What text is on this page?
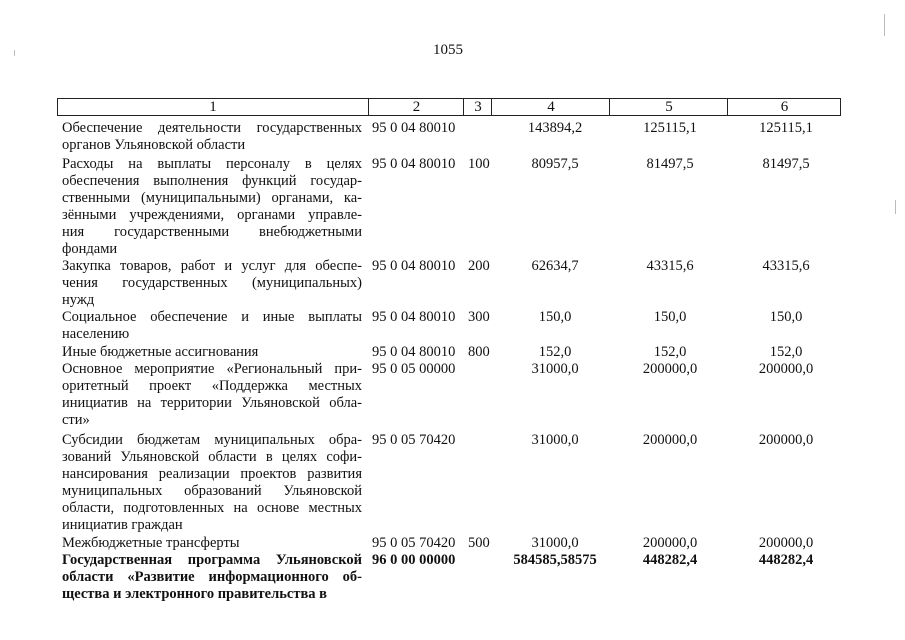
1055
1	2	3	4	5	6
Обеспечение деятельности государственных
органов Ульяновской области
95 0 04 80010	143894,2	125115,1	125115,1
Расходы на выплаты персоналу в целях
обеспечения выполнения функций государ-
ственными (муниципальными) органами, ка-
зёнными учреждениями, органами управле-
ния государственными внебюджетными
фондами
95 0 04 80010 100	80957,5	81497,5	81497,5
Закупка товаров, работ и услуг для обеспе-
чения государственных (муниципальных)
нужд
95 0 04 80010 200	62634,7	43315,6	43315,6
Социальное обеспечение и иные выплаты
населению
95 0 04 80010 300	150,0	150,0	150,0
Иные бюджетные ассигнования	95 0 04 80010 800	152,0	152,0	152,0
Основное мероприятие «Региональный при-
оритетный проект «Поддержка местных
инициатив на территории Ульяновской обла-
сти»
95 0 05 00000	31000,0	200000,0	200000,0
Субсидии бюджетам муниципальных обра-
зований Ульяновской области в целях софи-
нансирования реализации проектов развития
муниципальных образований Ульяновской
области, подготовленных на основе местных
инициатив граждан
95 0 05 70420	31000,0	200000,0	200000,0
Межбюджетные трансферты	95 0 05 70420 500	31000,0	200000,0	200000,0
Государственная программа Ульяновской
области «Развитие информационного об-
щества и электронного правительства в
96 0 00 00000	584585,58575	448282,4	448282,4
